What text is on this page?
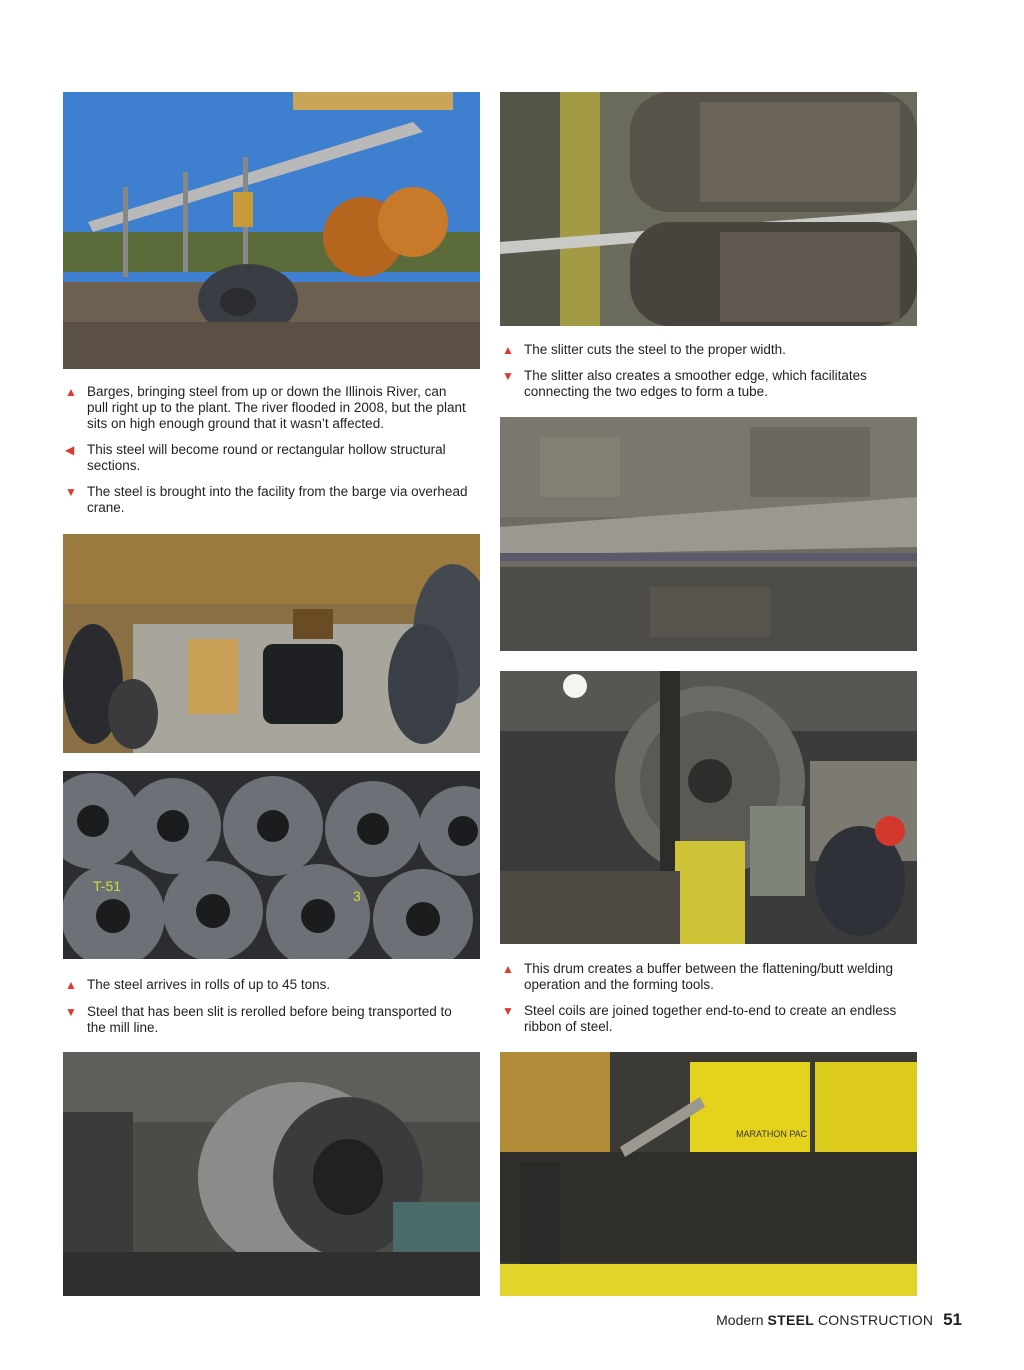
▲ Barges, bringing steel from up or down the Illinois River, can pull right up to the plant. The river flooded in 2008, but the plant sits on high enough ground that it wasn’t affected.
◀ This steel will become round or rectangular hollow structural sections.
▼ The steel is brought into the facility from the barge via overhead crane.
▲ The slitter cuts the steel to the proper width.
▼ The slitter also creates a smoother edge, which facilitates connecting the two edges to form a tube.
T-51
3
▲ The steel arrives in rolls of up to 45 tons.
▼ Steel that has been slit is rerolled before being transported to the mill line.
▲ This drum creates a buffer between the flattening/butt welding operation and the forming tools.
▼ Steel coils are joined together end-to-end to create an endless ribbon of steel.
MARATHON PAC
Modern STEEL CONSTRUCTION 51
